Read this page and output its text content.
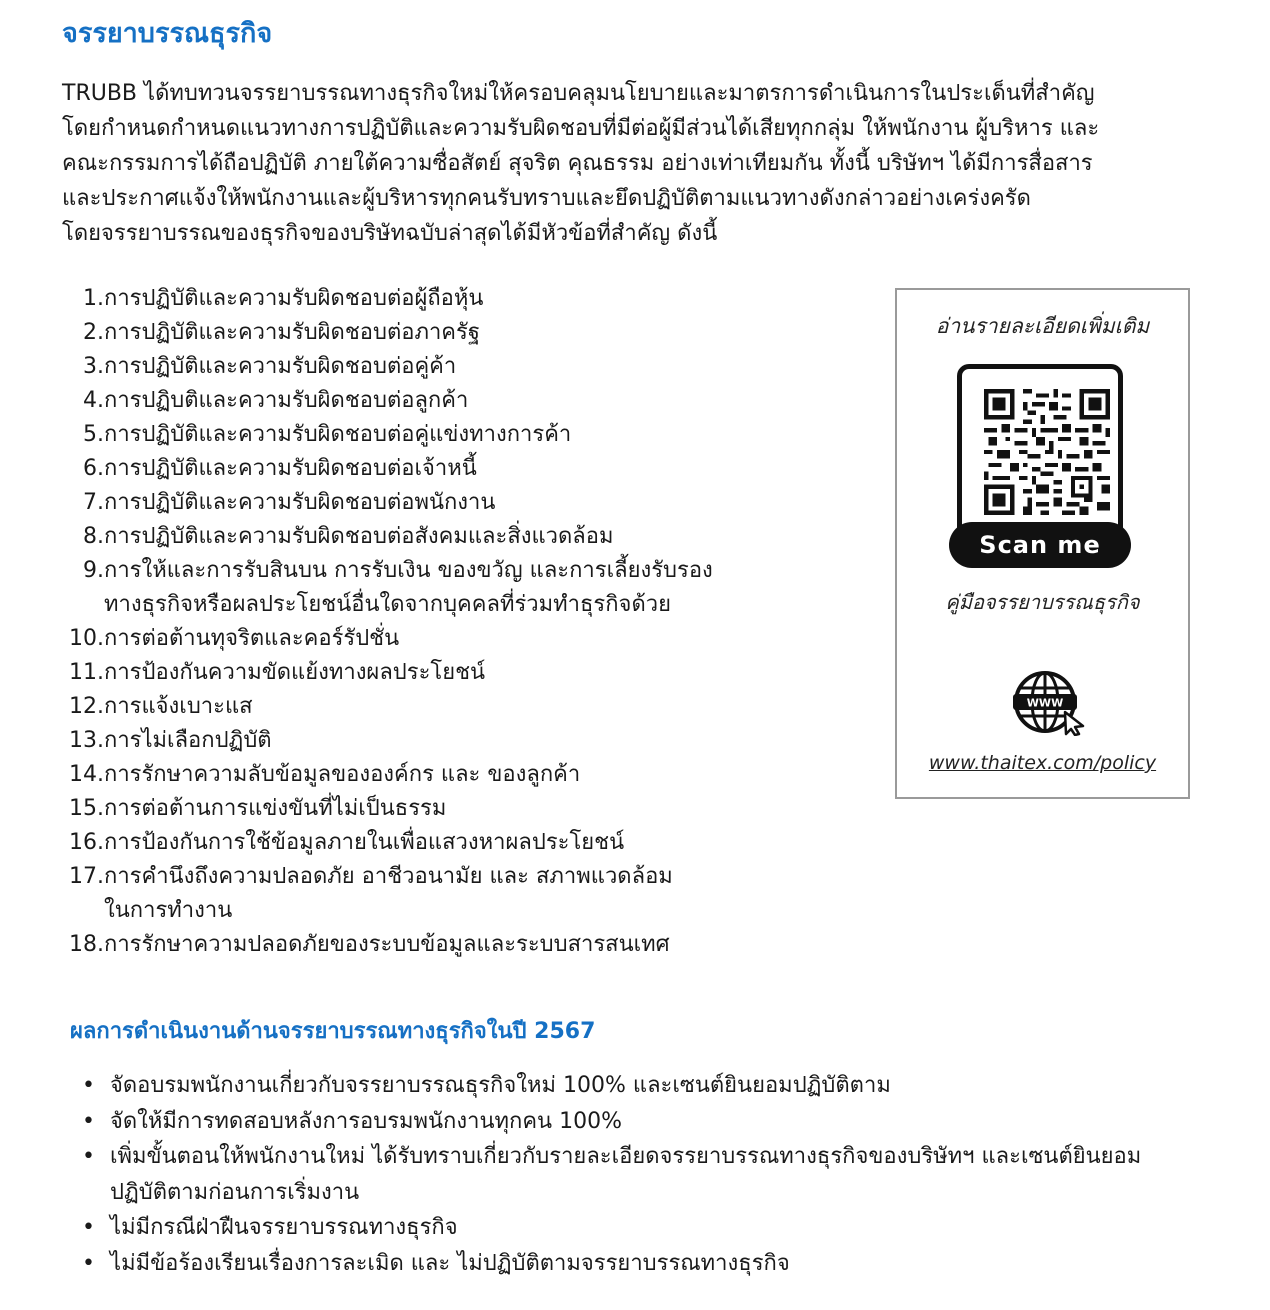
จรรยาบรรณธุรกิจ

TRUBB ได้ทบทวนจรรยาบรรณทางธุรกิจใหม่ให้ครอบคลุมนโยบายและมาตรการดำเนินการในประเด็นที่สำคัญ
โดยกำหนดกำหนดแนวทางการปฏิบัติและความรับผิดชอบที่มีต่อผู้มีส่วนได้เสียทุกกลุ่ม ให้พนักงาน ผู้บริหาร และ
คณะกรรมการได้ถือปฏิบัติ ภายใต้ความซื่อสัตย์ สุจริต คุณธรรม อย่างเท่าเทียมกัน ทั้งนี้ บริษัทฯ ได้มีการสื่อสาร
และประกาศแจ้งให้พนักงานและผู้บริหารทุกคนรับทราบและยึดปฏิบัติตามแนวทางดังกล่าวอย่างเคร่งครัด
โดยจรรยาบรรณของธุรกิจของบริษัทฉบับล่าสุดได้มีหัวข้อที่สำคัญ ดังนี้

1. การปฏิบัติและความรับผิดชอบต่อผู้ถือหุ้น
2. การปฏิบัติและความรับผิดชอบต่อภาครัฐ
3. การปฏิบัติและความรับผิดชอบต่อคู่ค้า
4. การปฏิบติและความรับผิดชอบต่อลูกค้า
5. การปฏิบัติและความรับผิดชอบต่อคู่แข่งทางการค้า
6. การปฏิบัติและความรับผิดชอบต่อเจ้าหนี้
7. การปฏิบัติและความรับผิดชอบต่อพนักงาน
8. การปฏิบัติและความรับผิดชอบต่อสังคมและสิ่งแวดล้อม
9. การให้และการรับสินบน การรับเงิน ของขวัญ และการเลี้ยงรับรอง
ทางธุรกิจหรือผลประโยชน์อื่นใดจากบุคคลที่ร่วมทำธุรกิจด้วย
10. การต่อต้านทุจริตและคอร์รัปชั่น
11. การป้องกันความขัดแย้งทางผลประโยชน์
12. การแจ้งเบาะแส
13. การไม่เลือกปฏิบัติ
14. การรักษาความลับข้อมูลขององค์กร และ ของลูกค้า
15. การต่อต้านการแข่งขันที่ไม่เป็นธรรม
16. การป้องกันการใช้ข้อมูลภายในเพื่อแสวงหาผลประโยชน์
17. การคำนึงถึงความปลอดภัย อาชีวอนามัย และ สภาพแวดล้อม
ในการทำงาน
18. การรักษาความปลอดภัยของระบบข้อมูลและระบบสารสนเทศ
อ่านรายละเอียดเพิ่มเติม
Scan me
คู่มือจรรยาบรรณธุรกิจ
WWW
www.thaitex.com/policy
ผลการดำเนินงานด้านจรรยาบรรณทางธุรกิจในปี 2567
• จัดอบรมพนักงานเกี่ยวกับจรรยาบรรณธุรกิจใหม่ 100% และเซนต์ยินยอมปฏิบัติตาม
• จัดให้มีการทดสอบหลังการอบรมพนักงานทุกคน 100%
• เพิ่มขั้นตอนให้พนักงานใหม่ ได้รับทราบเกี่ยวกับรายละเอียดจรรยาบรรณทางธุรกิจของบริษัทฯ และเซนต์ยินยอม
ปฏิบัติตามก่อนการเริ่มงาน
• ไม่มีกรณีฝ่าฝืนจรรยาบรรณทางธุรกิจ
• ไม่มีข้อร้องเรียนเรื่องการละเมิด และ ไม่ปฏิบัติตามจรรยาบรรณทางธุรกิจ
